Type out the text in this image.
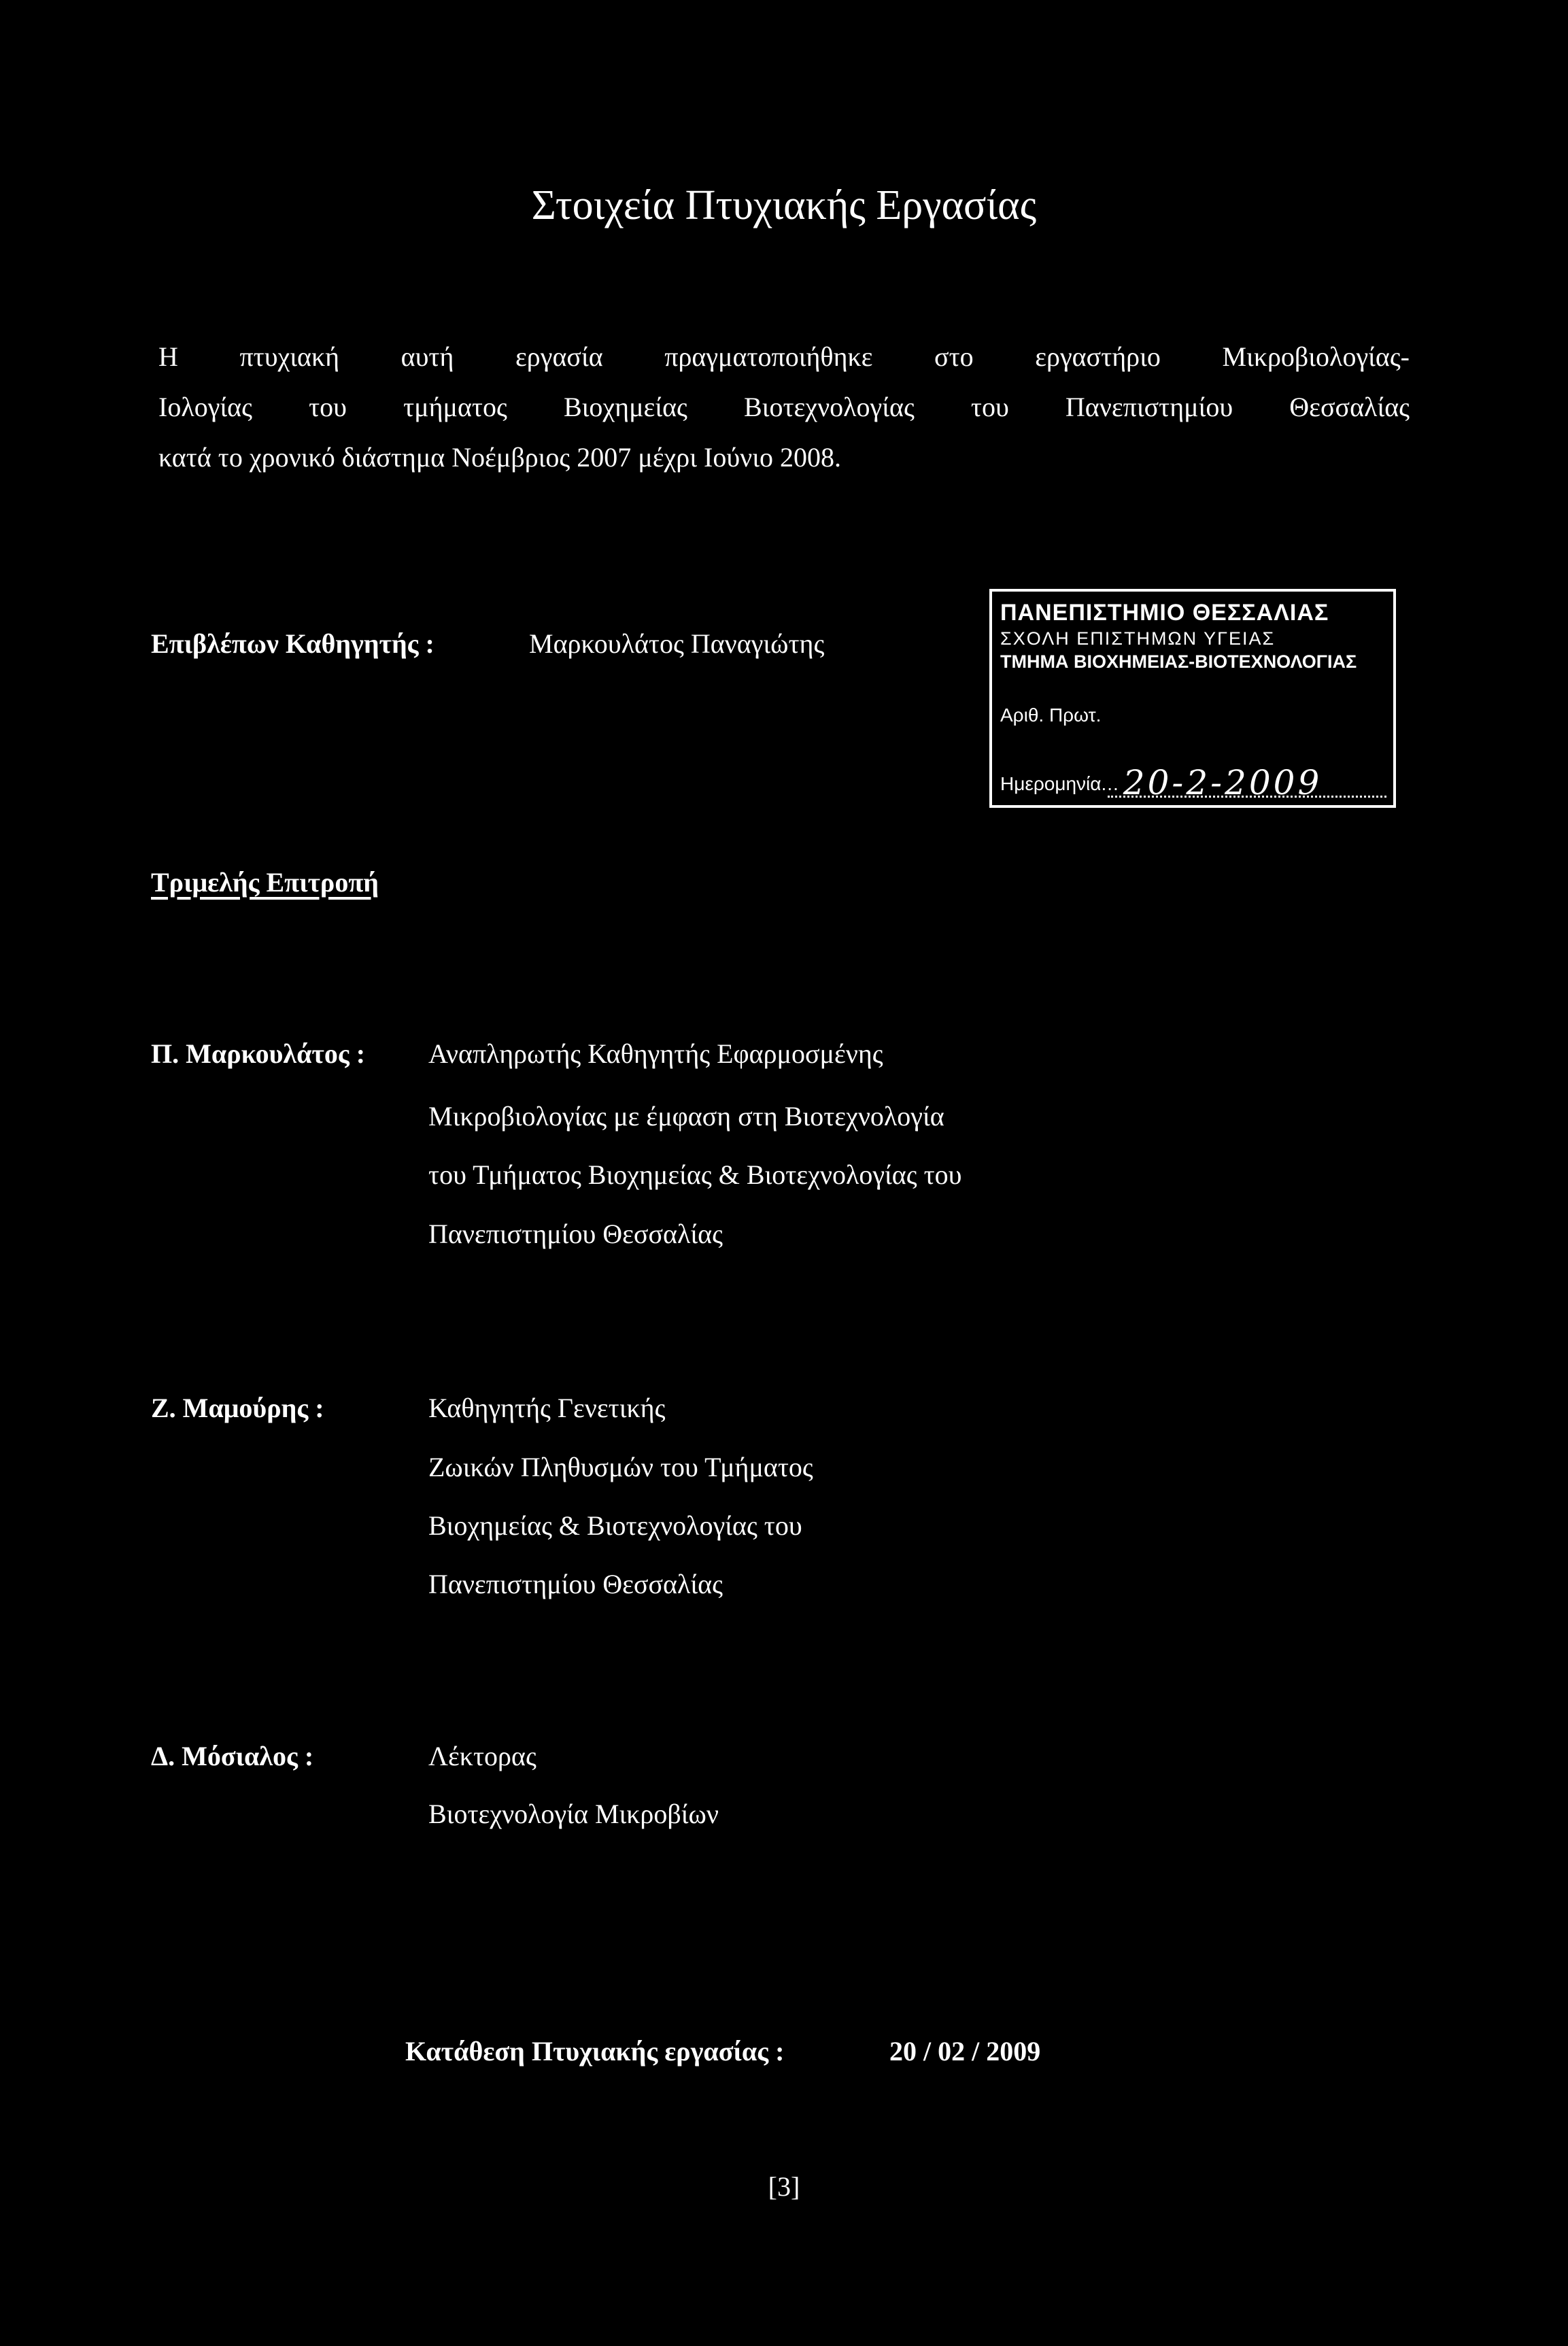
Στοιχεία Πτυχιακής Εργασίας
Η πτυχιακή αυτή εργασία πραγματοποιήθηκε στο εργαστήριο Μικροβιολογίας-
Ιολογίας του τμήματος Βιοχημείας Βιοτεχνολογίας του Πανεπιστημίου Θεσσαλίας
κατά το χρονικό διάστημα Νοέμβριος 2007 μέχρι Ιούνιο 2008.
Επιβλέπων Καθηγητής :	Μαρκουλάτος Παναγιώτης
ΠΑΝΕΠΙΣΤΗΜΙΟ ΘΕΣΣΑΛΙΑΣ
ΣΧΟΛΗ ΕΠΙΣΤΗΜΩΝ ΥΓΕΙΑΣ
ΤΜΗΜΑ ΒΙΟΧΗΜΕΙΑΣ-ΒΙΟΤΕΧΝΟΛΟΓΙΑΣ
Αριθ. Πρωτ.
Ημερομηνία... 20-2-2009
Τριμελής Επιτροπή
Π. Μαρκουλάτος : Αναπληρωτής Καθηγητής Εφαρμοσμένης
Μικροβιολογίας με έμφαση στη Βιοτεχνολογία
του Τμήματος Βιοχημείας & Βιοτεχνολογίας του
Πανεπιστημίου Θεσσαλίας
Ζ. Μαμούρης :	Καθηγητής Γενετικής
Ζωικών Πληθυσμών του Τμήματος
Βιοχημείας & Βιοτεχνολογίας του
Πανεπιστημίου Θεσσαλίας
Δ. Μόσιαλος :	Λέκτορας
Βιοτεχνολογία Μικροβίων
Κατάθεση Πτυχιακής εργασίας :	20 / 02 / 2009
[3]
